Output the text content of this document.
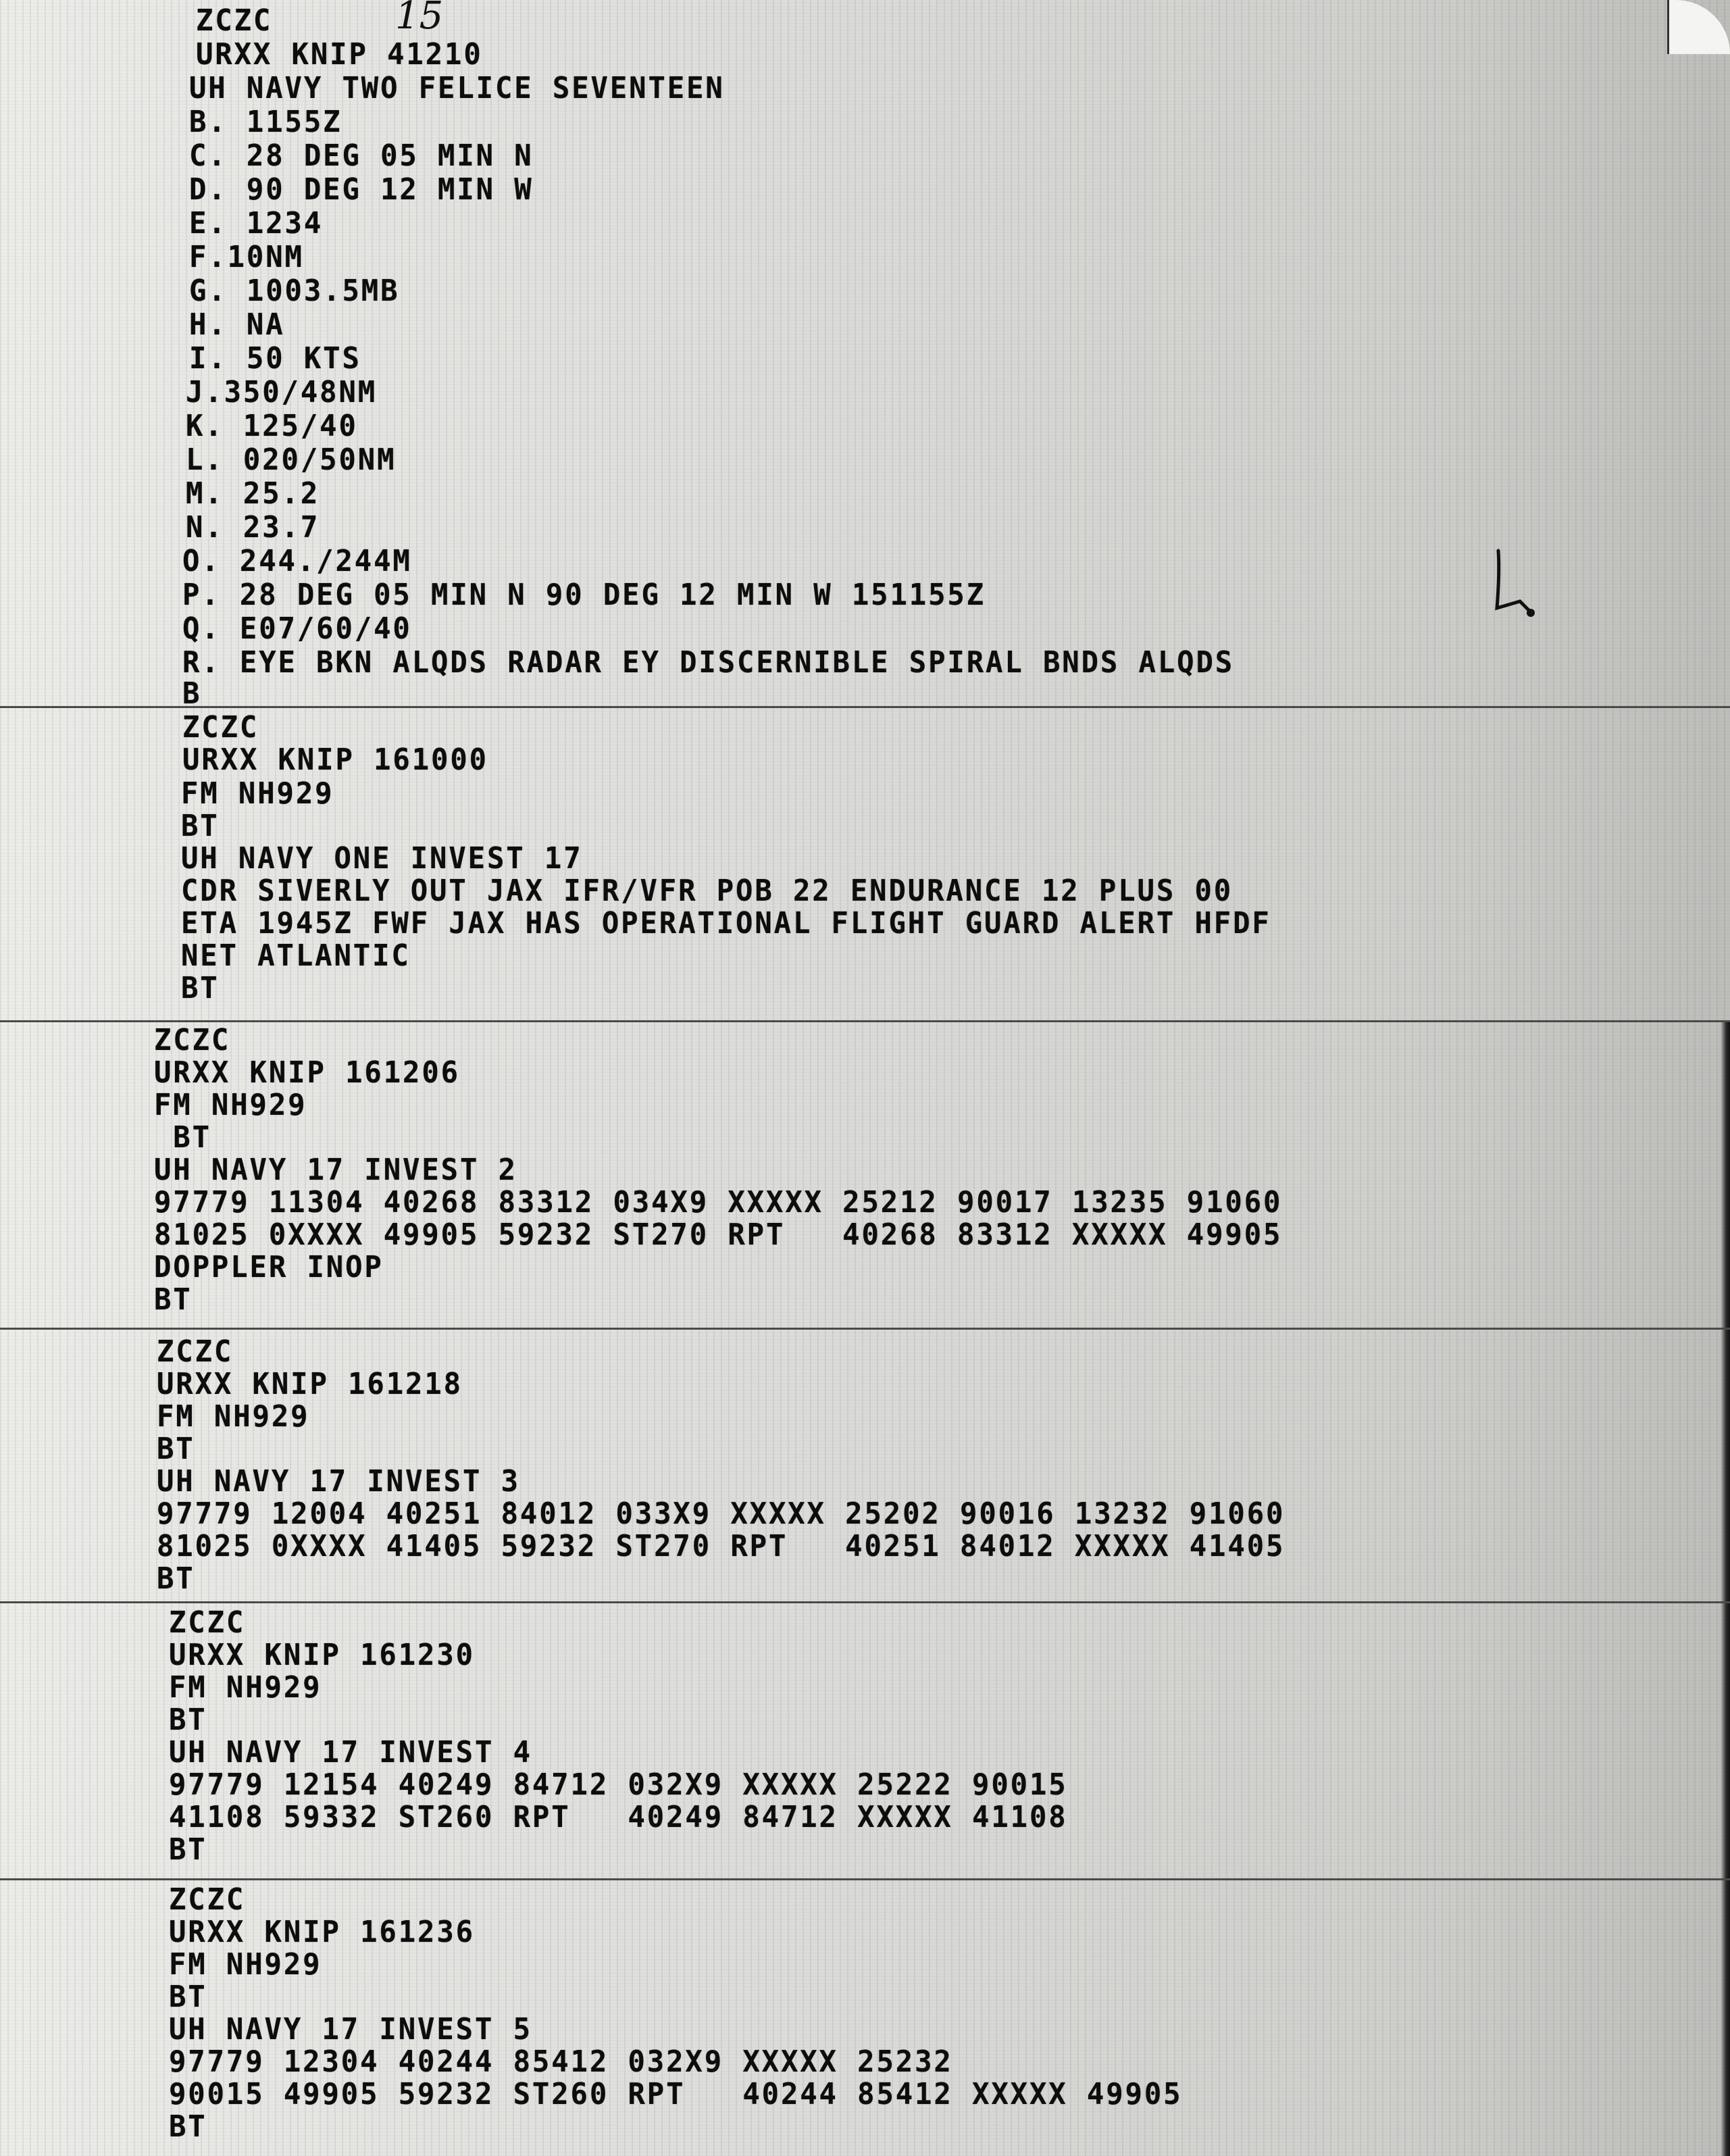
ZCZC
URXX KNIP 41210
UH NAVY TWO FELICE SEVENTEEN
B. 1155Z
C. 28 DEG 05 MIN N
D. 90 DEG 12 MIN W
E. 1234
F.10NM
G. 1003.5MB
H. NA
I. 50 KTS
J.350/48NM
K. 125/40
L. 020/50NM
M. 25.2
N. 23.7
O. 244./244M
P. 28 DEG 05 MIN N 90 DEG 12 MIN W 151155Z
Q. E07/60/40
R. EYE BKN ALQDS RADAR EY DISCERNIBLE SPIRAL BNDS ALQDS
B
15
ZCZC
URXX KNIP 161000
FM NH929
BT
UH NAVY ONE INVEST 17
CDR SIVERLY OUT JAX IFR/VFR POB 22 ENDURANCE 12 PLUS 00
ETA 1945Z FWF JAX HAS OPERATIONAL FLIGHT GUARD ALERT HFDF
NET ATLANTIC
BT
ZCZC
URXX KNIP 161206
FM NH929
BT
UH NAVY 17 INVEST 2
97779 11304 40268 83312 034X9 XXXXX 25212 90017 13235 91060
81025 0XXXX 49905 59232 ST270 RPT   40268 83312 XXXXX 49905
DOPPLER INOP
BT
ZCZC
URXX KNIP 161218
FM NH929
BT
UH NAVY 17 INVEST 3
97779 12004 40251 84012 033X9 XXXXX 25202 90016 13232 91060
81025 0XXXX 41405 59232 ST270 RPT   40251 84012 XXXXX 41405
BT
ZCZC
URXX KNIP 161230
FM NH929
BT
UH NAVY 17 INVEST 4
97779 12154 40249 84712 032X9 XXXXX 25222 90015
41108 59332 ST260 RPT   40249 84712 XXXXX 41108
BT
ZCZC
URXX KNIP 161236
FM NH929
BT
UH NAVY 17 INVEST 5
97779 12304 40244 85412 032X9 XXXXX 25232
90015 49905 59232 ST260 RPT   40244 85412 XXXXX 49905
BT
